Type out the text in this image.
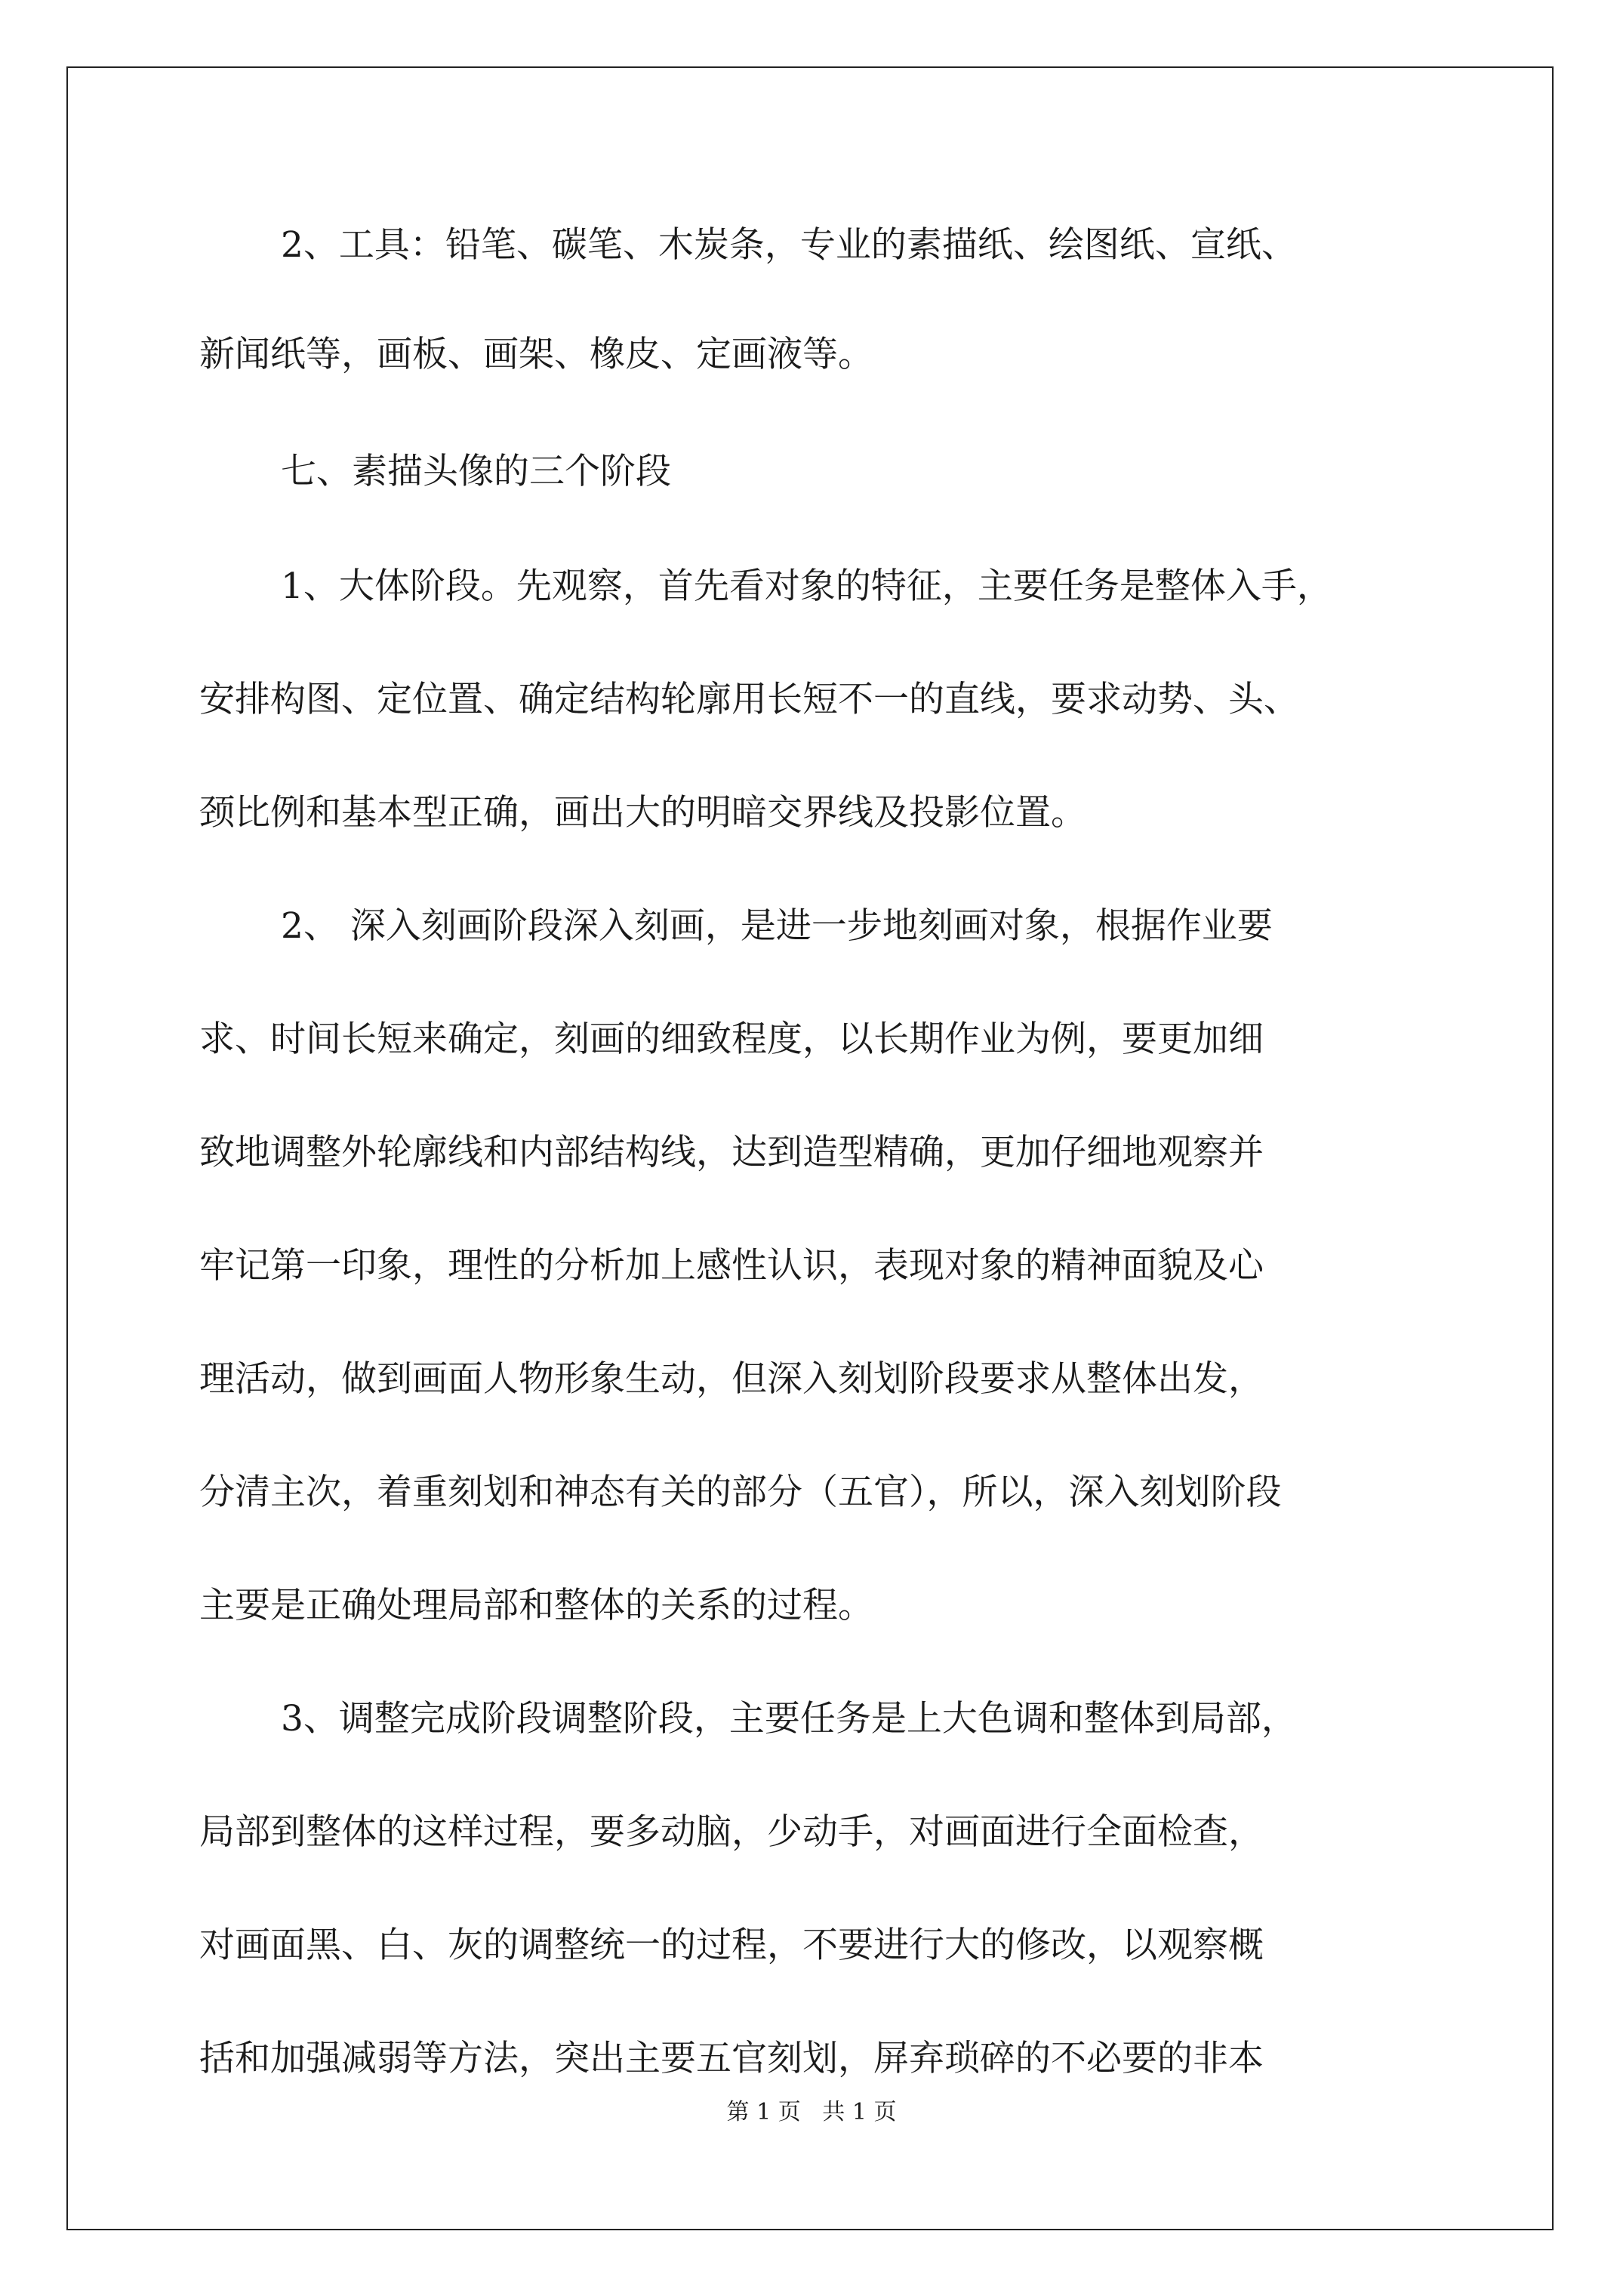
2、工具：铅笔、碳笔、木炭条，专业的素描纸、绘图纸、宣纸、

新闻纸等，画板、画架、橡皮、定画液等。

七、素描头像的三个阶段

1、大体阶段。先观察，首先看对象的特征，主要任务是整体入手，

安排构图、定位置、确定结构轮廓用长短不一的直线，要求动势、头、

颈比例和基本型正确，画出大的明暗交界线及投影位置。

2、 深入刻画阶段深入刻画，是进一步地刻画对象，根据作业要

求、时间长短来确定，刻画的细致程度，以长期作业为例，要更加细

致地调整外轮廓线和内部结构线，达到造型精确，更加仔细地观察并

牢记第一印象，理性的分析加上感性认识，表现对象的精神面貌及心

理活动，做到画面人物形象生动，但深入刻划阶段要求从整体出发，

分清主次，着重刻划和神态有关的部分（五官），所以，深入刻划阶段

主要是正确处理局部和整体的关系的过程。

3、调整完成阶段调整阶段，主要任务是上大色调和整体到局部，

局部到整体的这样过程，要多动脑，少动手，对画面进行全面检查，

对画面黑、白、灰的调整统一的过程，不要进行大的修改，以观察概

括和加强减弱等方法，突出主要五官刻划，屏弃琐碎的不必要的非本

第 1 页   共 1 页
